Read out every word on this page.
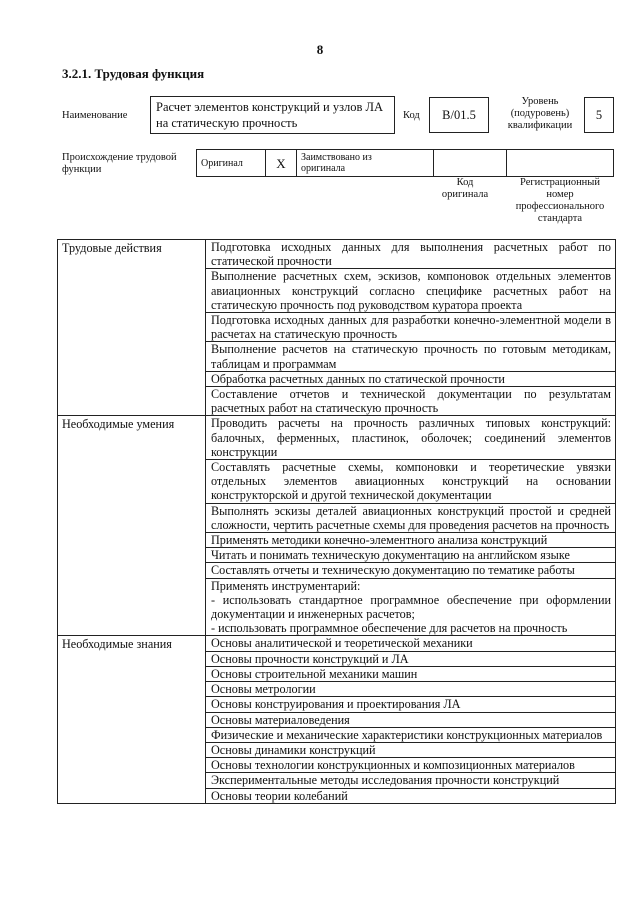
8
3.2.1. Трудовая функция
Наименование
Расчет элементов конструкций и узлов ЛА на статическую прочность
Код	В/01.5
Уровень
(подуровень)
квалификации
5
Происхождение трудовой
функции
Оригинал	X	Заимствовано из
оригинала

Код
оригинала
Регистрационный
номер
профессионального
стандарта
Трудовые действия	Подготовка исходных данных для выполнения расчетных работ по статической прочности
	Выполнение расчетных схем, эскизов, компоновок отдельных элементов авиационных конструкций согласно специфике расчетных работ на статическую прочность под руководством куратора проекта
	Подготовка исходных данных для разработки конечно-элементной модели в расчетах на статическую прочность
	Выполнение расчетов на статическую прочность по готовым методикам, таблицам и программам
	Обработка расчетных данных по статической прочности
	Составление отчетов и технической документации по результатам расчетных работ на статическую прочность
Необходимые умения	Проводить расчеты на прочность различных типовых конструкций: балочных, ферменных, пластинок, оболочек; соединений элементов конструкции
	Составлять расчетные схемы, компоновки и теоретические увязки отдельных элементов авиационных конструкций на основании конструкторской и другой технической документации
	Выполнять эскизы деталей авиационных конструкций простой и средней сложности, чертить расчетные схемы для проведения расчетов на прочность
	Применять методики конечно-элементного анализа конструкций
	Читать и понимать техническую документацию на английском языке
	Составлять отчеты и техническую документацию по тематике работы

	Применять инструментарий:
- использовать стандартное программное обеспечение при оформлении документации и инженерных расчетов;
- использовать программное обеспечение для расчетов на прочность

Необходимые знания	Основы аналитической и теоретической механики
	Основы прочности конструкций и ЛА
	Основы строительной механики машин
	Основы метрологии
	Основы конструирования и проектирования ЛА
	Основы материаловедения
	Физические и механические характеристики конструкционных материалов
	Основы динамики конструкций
	Основы технологии конструкционных и композиционных материалов
	Экспериментальные методы исследования прочности конструкций
	Основы теории колебаний
